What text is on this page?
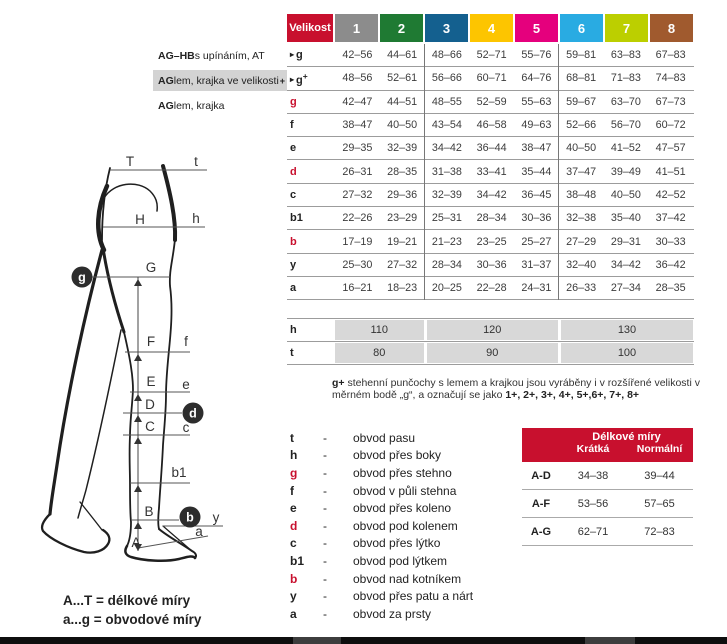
AG–HB s upínáním, AT
AG lem, krajka ve velikosti +
AG lem, krajka
Velikost	1	2	3	4	5	6	7	8
▸ g	42–56	44–61	48–66	52–71	55–76	59–81	63–83	67–83
▸ g+	48–56	52–61	56–66	60–71	64–76	68–81	71–83	74–83
g	42–47	44–51	48–55	52–59	55–63	59–67	63–70	67–73
f	38–47	40–50	43–54	46–58	49–63	52–66	56–70	60–72
e	29–35	32–39	34–42	36–44	38–47	40–50	41–52	47–57
d	26–31	28–35	31–38	33–41	35–44	37–47	39–49	41–51
c	27–32	29–36	32–39	34–42	36–45	38–48	40–50	42–52
b1	22–26	23–29	25–31	28–34	30–36	32–38	35–40	37–42
b	17–19	19–21	21–23	23–25	25–27	27–29	29–31	30–33
y	25–30	27–32	28–34	30–36	31–37	32–40	34–42	36–42
a	16–21	18–23	20–25	22–28	24–31	26–33	27–34	28–35
h	110	120	130
t	80	90	100
g+ stehenní punčochy s lemem a krajkou jsou vyráběny i v rozšířené velikosti v měrném bodě „g“, a označují se jako 1+, 2+, 3+, 4+, 5+,6+, 7+, 8+
t	-	obvod pasu
h	-	obvod přes boky
g	-	obvod přes stehno
f	-	obvod v půli stehna
e	-	obvod přes koleno
d	-	obvod pod kolenem
c	-	obvod přes lýtko
b1	-	obvod pod lýtkem
b	-	obvod nad kotníkem
y	-	obvod přes patu a nárt
a	-	obvod za prsty
Délkové míry
Krátká	Normální
A-D	34–38	39–44
A-F	53–56	57–65
A-G	62–71	72–83
A...T = délkové míry
a...g = obvodové míry
g
d
b
T	t
H	h
G
F f
E e
D
C c
b1
B	y
A
a
